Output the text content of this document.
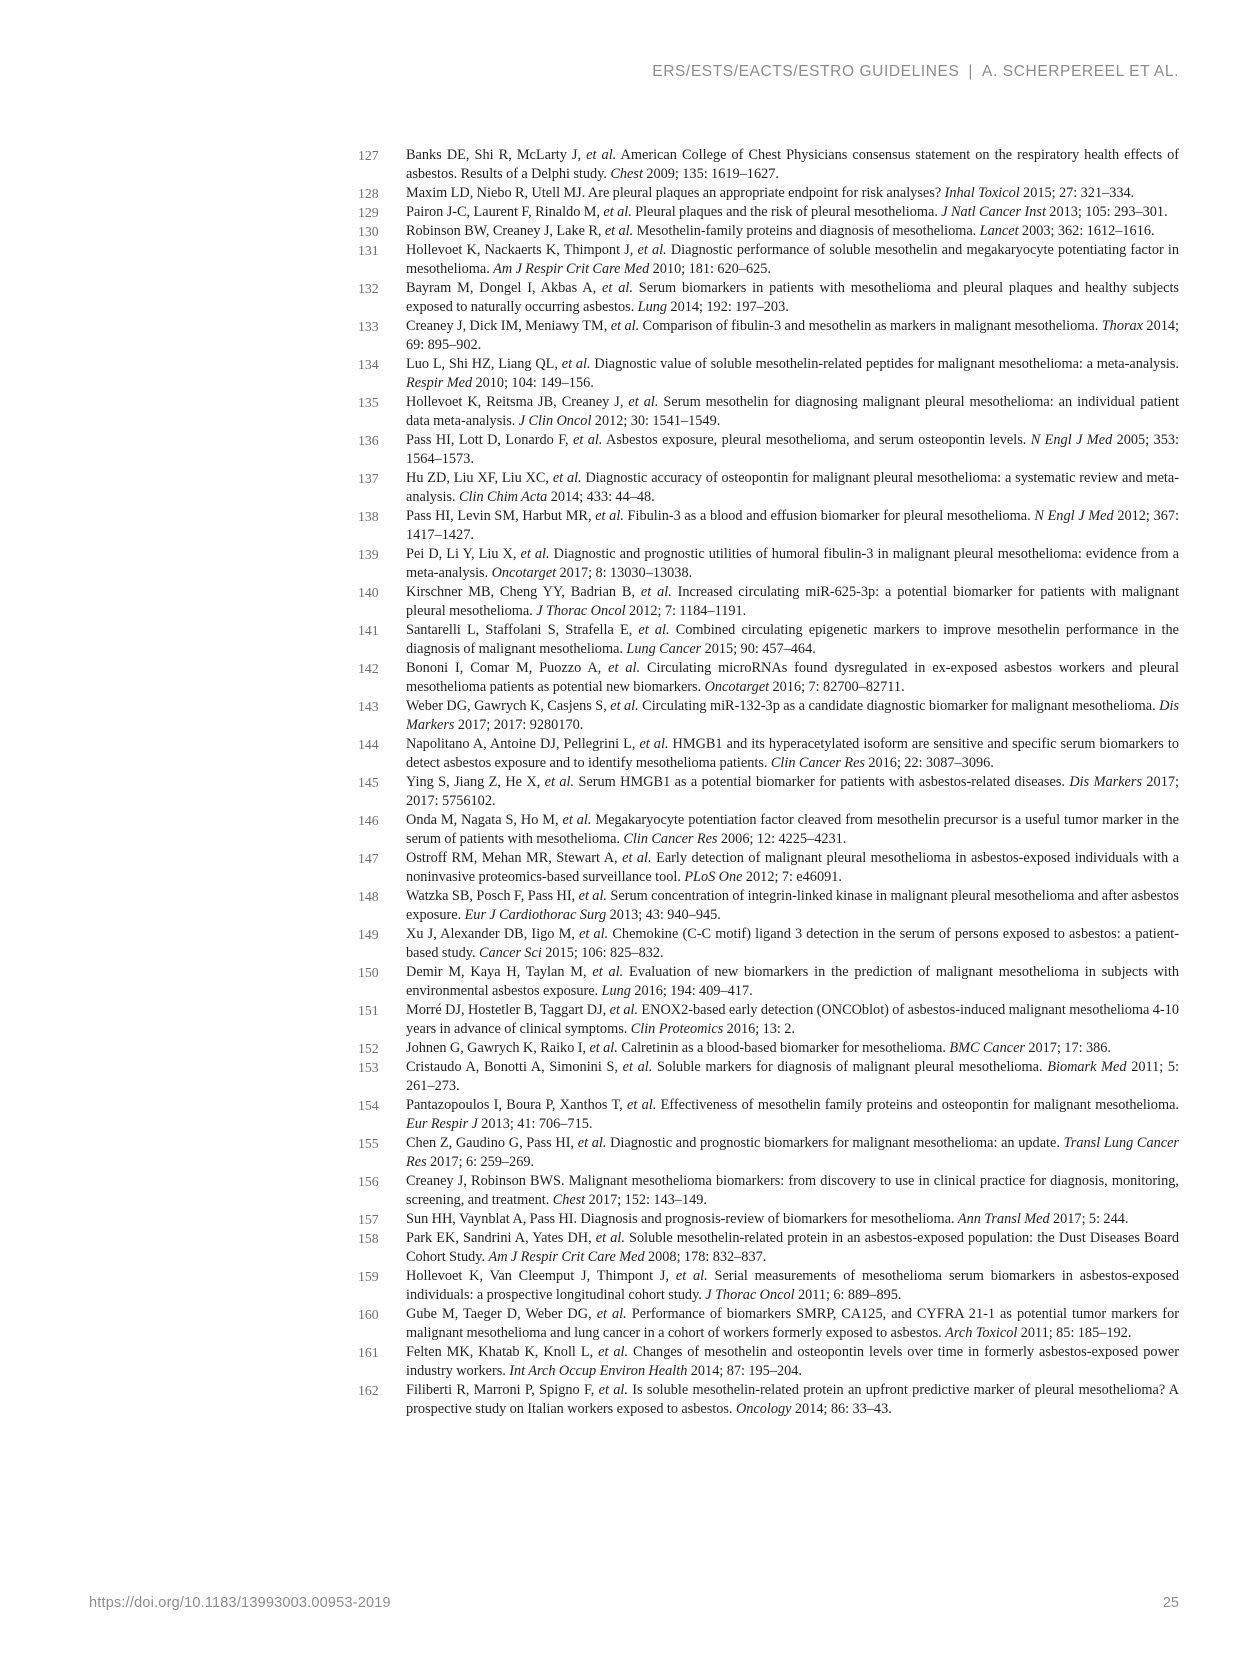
ERS/ESTS/EACTS/ESTRO GUIDELINES | A. SCHERPEREEL ET AL.
127	Banks DE, Shi R, McLarty J, et al. American College of Chest Physicians consensus statement on the respiratory health effects of asbestos. Results of a Delphi study. Chest 2009; 135: 1619–1627.
128	Maxim LD, Niebo R, Utell MJ. Are pleural plaques an appropriate endpoint for risk analyses? Inhal Toxicol 2015; 27: 321–334.
129	Pairon J-C, Laurent F, Rinaldo M, et al. Pleural plaques and the risk of pleural mesothelioma. J Natl Cancer Inst 2013; 105: 293–301.
130	Robinson BW, Creaney J, Lake R, et al. Mesothelin-family proteins and diagnosis of mesothelioma. Lancet 2003; 362: 1612–1616.
131	Hollevoet K, Nackaerts K, Thimpont J, et al. Diagnostic performance of soluble mesothelin and megakaryocyte potentiating factor in mesothelioma. Am J Respir Crit Care Med 2010; 181: 620–625.
132	Bayram M, Dongel I, Akbas A, et al. Serum biomarkers in patients with mesothelioma and pleural plaques and healthy subjects exposed to naturally occurring asbestos. Lung 2014; 192: 197–203.
133	Creaney J, Dick IM, Meniawy TM, et al. Comparison of fibulin-3 and mesothelin as markers in malignant mesothelioma. Thorax 2014; 69: 895–902.
134	Luo L, Shi HZ, Liang QL, et al. Diagnostic value of soluble mesothelin-related peptides for malignant mesothelioma: a meta-analysis. Respir Med 2010; 104: 149–156.
135	Hollevoet K, Reitsma JB, Creaney J, et al. Serum mesothelin for diagnosing malignant pleural mesothelioma: an individual patient data meta-analysis. J Clin Oncol 2012; 30: 1541–1549.
136	Pass HI, Lott D, Lonardo F, et al. Asbestos exposure, pleural mesothelioma, and serum osteopontin levels. N Engl J Med 2005; 353: 1564–1573.
137	Hu ZD, Liu XF, Liu XC, et al. Diagnostic accuracy of osteopontin for malignant pleural mesothelioma: a systematic review and meta-analysis. Clin Chim Acta 2014; 433: 44–48.
138	Pass HI, Levin SM, Harbut MR, et al. Fibulin-3 as a blood and effusion biomarker for pleural mesothelioma. N Engl J Med 2012; 367: 1417–1427.
139	Pei D, Li Y, Liu X, et al. Diagnostic and prognostic utilities of humoral fibulin-3 in malignant pleural mesothelioma: evidence from a meta-analysis. Oncotarget 2017; 8: 13030–13038.
140	Kirschner MB, Cheng YY, Badrian B, et al. Increased circulating miR-625-3p: a potential biomarker for patients with malignant pleural mesothelioma. J Thorac Oncol 2012; 7: 1184–1191.
141	Santarelli L, Staffolani S, Strafella E, et al. Combined circulating epigenetic markers to improve mesothelin performance in the diagnosis of malignant mesothelioma. Lung Cancer 2015; 90: 457–464.
142	Bononi I, Comar M, Puozzo A, et al. Circulating microRNAs found dysregulated in ex-exposed asbestos workers and pleural mesothelioma patients as potential new biomarkers. Oncotarget 2016; 7: 82700–82711.
143	Weber DG, Gawrych K, Casjens S, et al. Circulating miR-132-3p as a candidate diagnostic biomarker for malignant mesothelioma. Dis Markers 2017; 2017: 9280170.
144	Napolitano A, Antoine DJ, Pellegrini L, et al. HMGB1 and its hyperacetylated isoform are sensitive and specific serum biomarkers to detect asbestos exposure and to identify mesothelioma patients. Clin Cancer Res 2016; 22: 3087–3096.
145	Ying S, Jiang Z, He X, et al. Serum HMGB1 as a potential biomarker for patients with asbestos-related diseases. Dis Markers 2017; 2017: 5756102.
146	Onda M, Nagata S, Ho M, et al. Megakaryocyte potentiation factor cleaved from mesothelin precursor is a useful tumor marker in the serum of patients with mesothelioma. Clin Cancer Res 2006; 12: 4225–4231.
147	Ostroff RM, Mehan MR, Stewart A, et al. Early detection of malignant pleural mesothelioma in asbestos-exposed individuals with a noninvasive proteomics-based surveillance tool. PLoS One 2012; 7: e46091.
148	Watzka SB, Posch F, Pass HI, et al. Serum concentration of integrin-linked kinase in malignant pleural mesothelioma and after asbestos exposure. Eur J Cardiothorac Surg 2013; 43: 940–945.
149	Xu J, Alexander DB, Iigo M, et al. Chemokine (C-C motif) ligand 3 detection in the serum of persons exposed to asbestos: a patient-based study. Cancer Sci 2015; 106: 825–832.
150	Demir M, Kaya H, Taylan M, et al. Evaluation of new biomarkers in the prediction of malignant mesothelioma in subjects with environmental asbestos exposure. Lung 2016; 194: 409–417.
151	Morré DJ, Hostetler B, Taggart DJ, et al. ENOX2-based early detection (ONCOblot) of asbestos-induced malignant mesothelioma 4-10 years in advance of clinical symptoms. Clin Proteomics 2016; 13: 2.
152	Johnen G, Gawrych K, Raiko I, et al. Calretinin as a blood-based biomarker for mesothelioma. BMC Cancer 2017; 17: 386.
153	Cristaudo A, Bonotti A, Simonini S, et al. Soluble markers for diagnosis of malignant pleural mesothelioma. Biomark Med 2011; 5: 261–273.
154	Pantazopoulos I, Boura P, Xanthos T, et al. Effectiveness of mesothelin family proteins and osteopontin for malignant mesothelioma. Eur Respir J 2013; 41: 706–715.
155	Chen Z, Gaudino G, Pass HI, et al. Diagnostic and prognostic biomarkers for malignant mesothelioma: an update. Transl Lung Cancer Res 2017; 6: 259–269.
156	Creaney J, Robinson BWS. Malignant mesothelioma biomarkers: from discovery to use in clinical practice for diagnosis, monitoring, screening, and treatment. Chest 2017; 152: 143–149.
157	Sun HH, Vaynblat A, Pass HI. Diagnosis and prognosis-review of biomarkers for mesothelioma. Ann Transl Med 2017; 5: 244.
158	Park EK, Sandrini A, Yates DH, et al. Soluble mesothelin-related protein in an asbestos-exposed population: the Dust Diseases Board Cohort Study. Am J Respir Crit Care Med 2008; 178: 832–837.
159	Hollevoet K, Van Cleemput J, Thimpont J, et al. Serial measurements of mesothelioma serum biomarkers in asbestos-exposed individuals: a prospective longitudinal cohort study. J Thorac Oncol 2011; 6: 889–895.
160	Gube M, Taeger D, Weber DG, et al. Performance of biomarkers SMRP, CA125, and CYFRA 21-1 as potential tumor markers for malignant mesothelioma and lung cancer in a cohort of workers formerly exposed to asbestos. Arch Toxicol 2011; 85: 185–192.
161	Felten MK, Khatab K, Knoll L, et al. Changes of mesothelin and osteopontin levels over time in formerly asbestos-exposed power industry workers. Int Arch Occup Environ Health 2014; 87: 195–204.
162	Filiberti R, Marroni P, Spigno F, et al. Is soluble mesothelin-related protein an upfront predictive marker of pleural mesothelioma? A prospective study on Italian workers exposed to asbestos. Oncology 2014; 86: 33–43.
https://doi.org/10.1183/13993003.00953-2019	25
